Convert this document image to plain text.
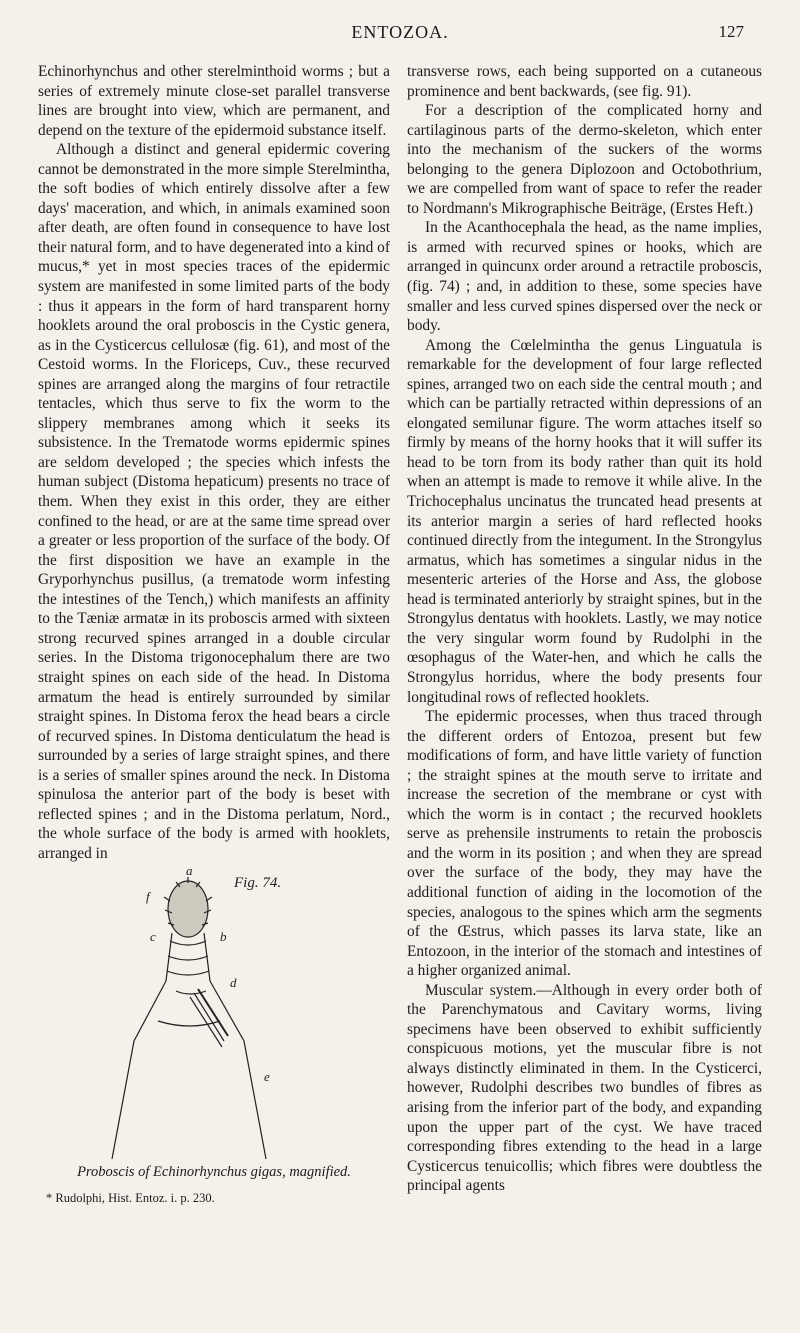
ENTOZOA.	127

Echinorhynchus and other sterelminthoid worms ; but a series of extremely minute close-set parallel transverse lines are brought into view, which are permanent, and depend on the texture of the epidermoid substance itself.

Although a distinct and general epidermic covering cannot be demonstrated in the more simple Sterelmintha, the soft bodies of which entirely dissolve after a few days' maceration, and which, in animals examined soon after death, are often found in consequence to have lost their natural form, and to have degenerated into a kind of mucus,* yet in most species traces of the epidermic system are manifested in some limited parts of the body : thus it appears in the form of hard transparent horny hooklets around the oral proboscis in the Cystic genera, as in the Cysticercus cellulosæ (fig. 61), and most of the Cestoid worms. In the Floriceps, Cuv., these recurved spines are arranged along the margins of four retractile tentacles, which thus serve to fix the worm to the slippery membranes among which it seeks its subsistence. In the Trematode worms epidermic spines are seldom developed ; the species which infests the human subject (Distoma hepaticum) presents no trace of them. When they exist in this order, they are either confined to the head, or are at the same time spread over a greater or less proportion of the surface of the body. Of the first disposition we have an example in the Gryporhynchus pusillus, (a trematode worm infesting the intestines of the Tench,) which manifests an affinity to the Tæniæ armatæ in its proboscis armed with sixteen strong recurved spines arranged in a double circular series. In the Distoma trigonocephalum there are two straight spines on each side of the head. In Distoma armatum the head is entirely surrounded by similar straight spines. In Distoma ferox the head bears a circle of recurved spines. In Distoma denticulatum the head is surrounded by a series of large straight spines, and there is a series of smaller spines around the neck. In Distoma spinulosa the anterior part of the body is beset with reflected spines ; and in the Distoma perlatum, Nord., the whole surface of the body is armed with hooklets, arranged in

a
f
c	b
d
e
Fig. 74.
Proboscis of Echinorhynchus gigas, magnified.
* Rudolphi, Hist. Entoz. i. p. 230.

transverse rows, each being supported on a cutaneous prominence and bent backwards, (see fig. 91).

For a description of the complicated horny and cartilaginous parts of the dermo-skeleton, which enter into the mechanism of the suckers of the worms belonging to the genera Diplozoon and Octobothrium, we are compelled from want of space to refer the reader to Nordmann's Mikrographische Beiträge, (Erstes Heft.)

In the Acanthocephala the head, as the name implies, is armed with recurved spines or hooks, which are arranged in quincunx order around a retractile proboscis, (fig. 74) ; and, in addition to these, some species have smaller and less curved spines dispersed over the neck or body.

Among the Cœlelmintha the genus Linguatula is remarkable for the development of four large reflected spines, arranged two on each side the central mouth ; and which can be partially retracted within depressions of an elongated semilunar figure. The worm attaches itself so firmly by means of the horny hooks that it will suffer its head to be torn from its body rather than quit its hold when an attempt is made to remove it while alive. In the Trichocephalus uncinatus the truncated head presents at its anterior margin a series of hard reflected hooks continued directly from the integument. In the Strongylus armatus, which has sometimes a singular nidus in the mesenteric arteries of the Horse and Ass, the globose head is terminated anteriorly by straight spines, but in the Strongylus dentatus with hooklets. Lastly, we may notice the very singular worm found by Rudolphi in the œsophagus of the Water-hen, and which he calls the Strongylus horridus, where the body presents four longitudinal rows of reflected hooklets.

The epidermic processes, when thus traced through the different orders of Entozoa, present but few modifications of form, and have little variety of function ; the straight spines at the mouth serve to irritate and increase the secretion of the membrane or cyst with which the worm is in contact ; the recurved hooklets serve as prehensile instruments to retain the proboscis and the worm in its position ; and when they are spread over the surface of the body, they may have the additional function of aiding in the locomotion of the species, analogous to the spines which arm the segments of the Œstrus, which passes its larva state, like an Entozoon, in the interior of the stomach and intestines of a higher organized animal.

Muscular system.—Although in every order both of the Parenchymatous and Cavitary worms, living specimens have been observed to exhibit sufficiently conspicuous motions, yet the muscular fibre is not always distinctly eliminated in them. In the Cysticerci, however, Rudolphi describes two bundles of fibres as arising from the inferior part of the body, and expanding upon the upper part of the cyst. We have traced corresponding fibres extending to the head in a large Cysticercus tenuicollis; which fibres were doubtless the principal agents
